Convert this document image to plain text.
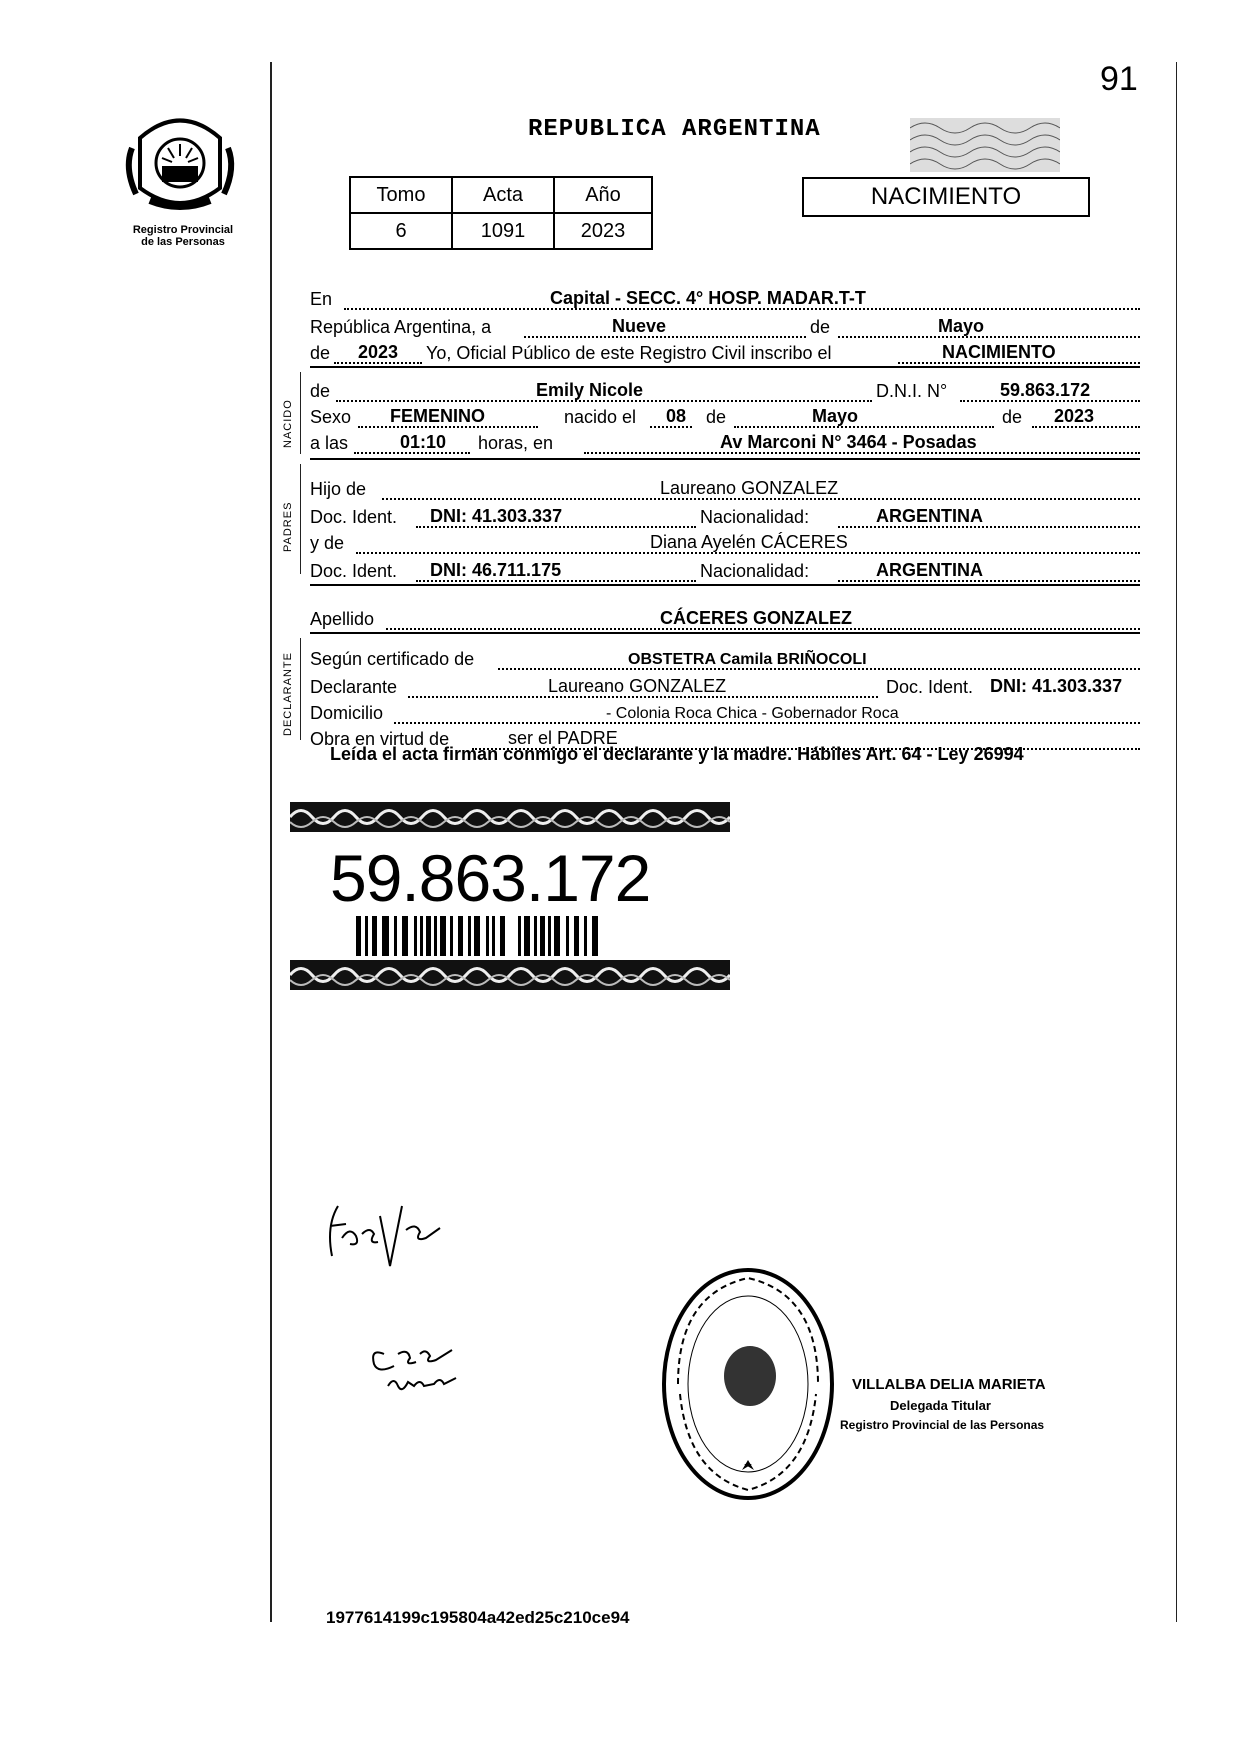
91
Registro Provincial
de las Personas
REPUBLICA ARGENTINA
Tomo	Acta	Año
6	1091	2023
NACIMIENTO
En	Capital - SECC. 4° HOSP. MADAR.T-T
República Argentina, a	Nueve	de	Mayo
de 2023 Yo, Oficial Público de este Registro Civil inscribo el	NACIMIENTO
NACIDO
de	Emily Nicole	D.N.I. N°	59.863.172
Sexo FEMENINO	nacido el 08 de	Mayo	de 2023
a las	01:10 horas, en	Av Marconi N° 3464 - Posadas
PADRES
Hijo de	Laureano GONZALEZ
Doc. Ident. DNI: 41.303.337	Nacionalidad:	ARGENTINA
y de	Diana Ayelén CÁCERES
Doc. Ident. DNI: 46.711.175	Nacionalidad:	ARGENTINA
Apellido	CÁCERES GONZALEZ
DECLARANTE Según certificado de	OBSTETRA Camila BRIÑOCOLI
Declarante	Laureano GONZALEZ	Doc. Ident. DNI: 41.303.337
Domicilio	- Colonia Roca Chica - Gobernador Roca
Obra en virtud de	ser el PADRE
Leída el acta firman conmigo el declarante y la madre. Hábiles Art. 64 - Ley 26994
59.863.172
VILLALBA DELIA MARIETA
Delegada Titular
Registro Provincial de las Personas
1977614199c195804a42ed25c210ce94
